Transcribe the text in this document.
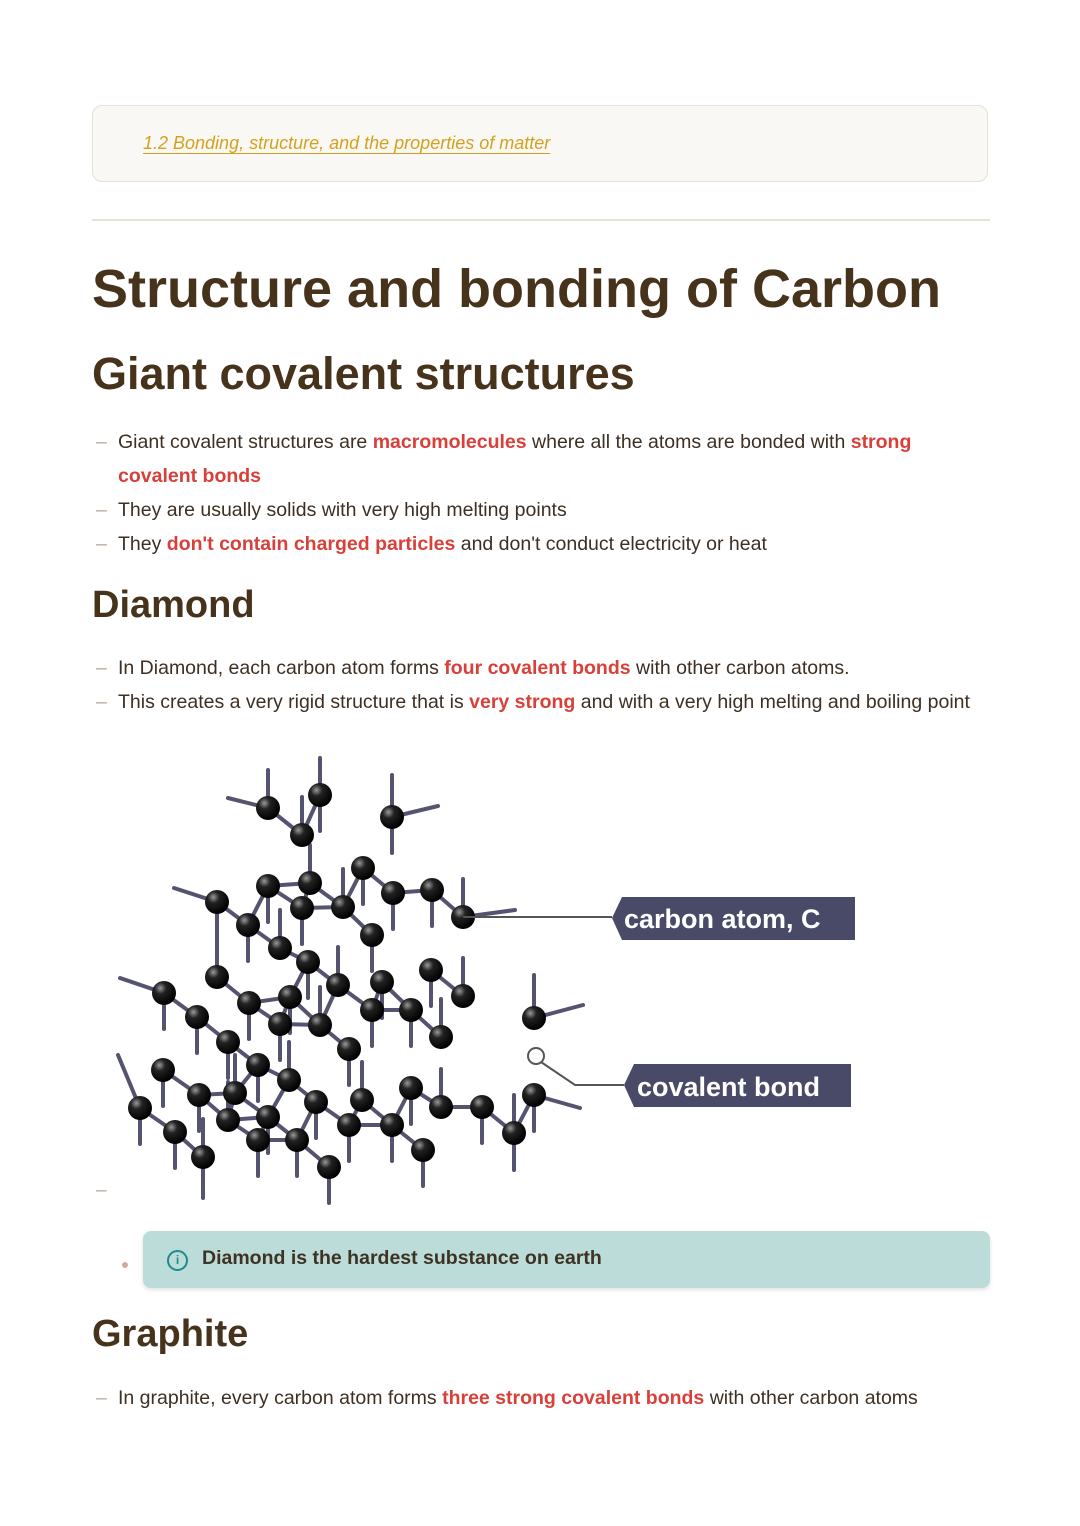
1.2 Bonding, structure, and the properties of matter
Structure and bonding of Carbon
Giant covalent structures
– Giant covalent structures are macromolecules where all the atoms are bonded with strong covalent bonds
– They are usually solids with very high melting points
– They don't contain charged particles and don't conduct electricity or heat
Diamond
– In Diamond, each carbon atom forms four covalent bonds with other carbon atoms.
– This creates a very rigid structure that is very strong and with a very high melting and boiling point
carbon atom, C
covalent bond
–
i	Diamond is the hardest substance on earth
Graphite
– In graphite, every carbon atom forms three strong covalent bonds with other carbon atoms
